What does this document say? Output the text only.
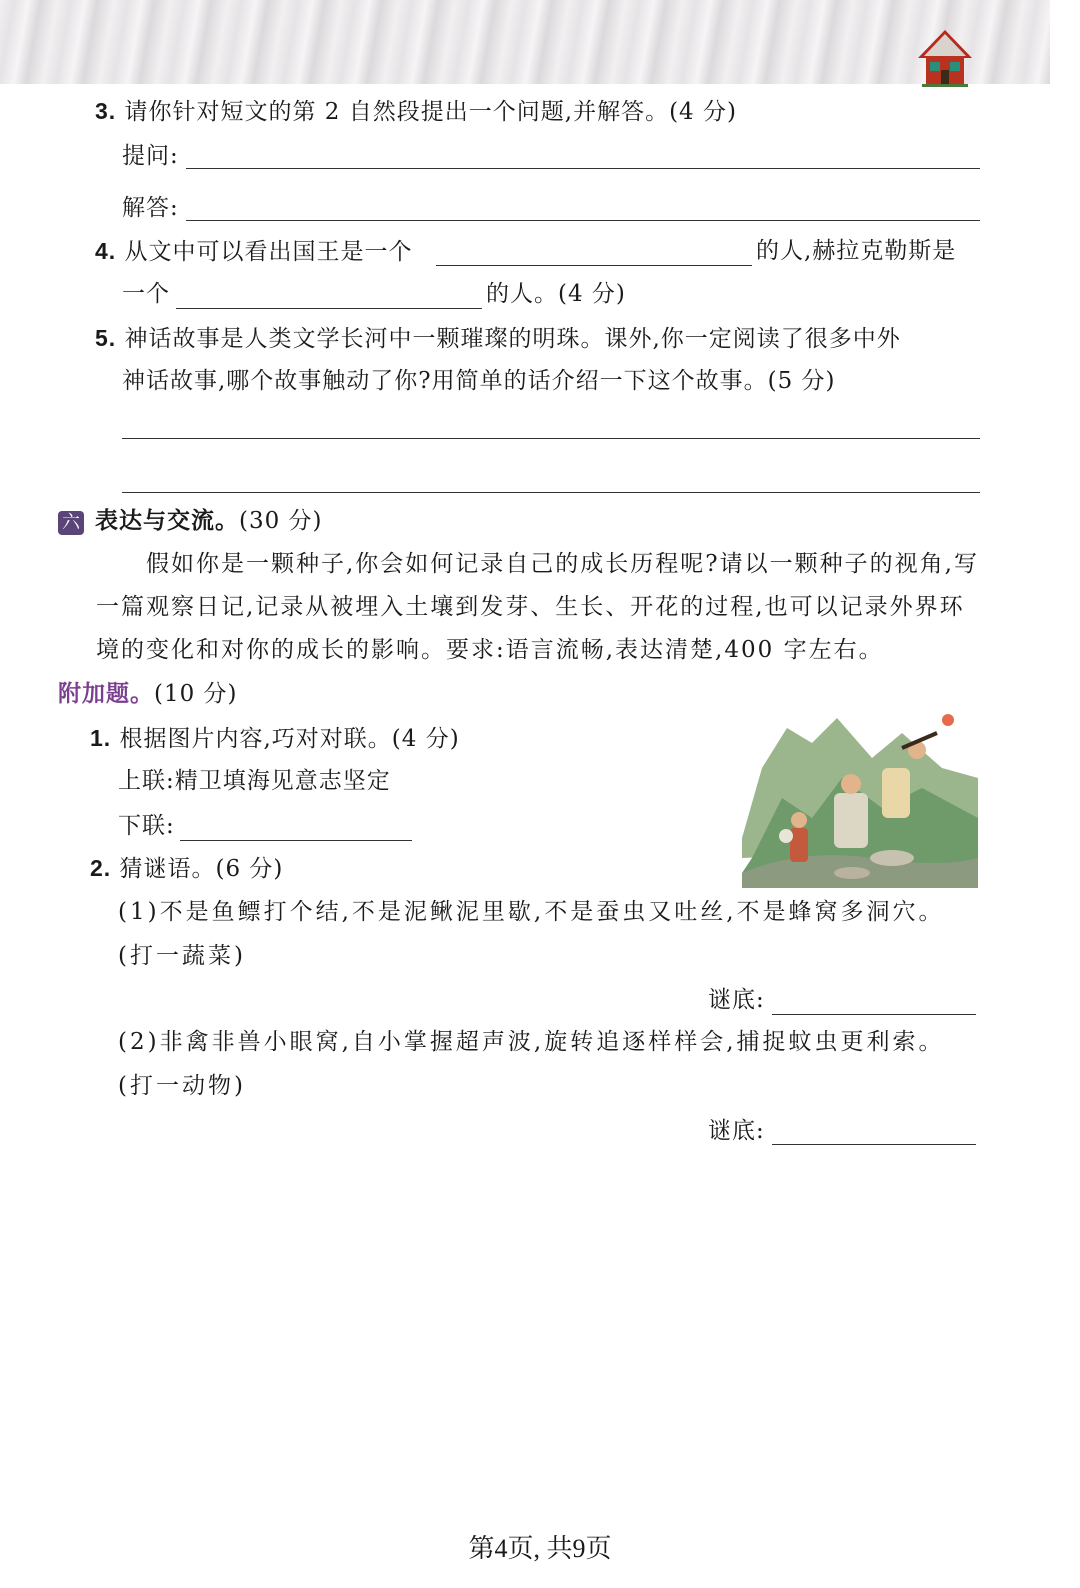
3. 请你针对短文的第 2 自然段提出一个问题,并解答。(4 分)
提问:
解答:
4. 从文中可以看出国王是一个	的人,赫拉克勒斯是
一个	的人。(4 分)
5. 神话故事是人类文学长河中一颗璀璨的明珠。课外,你一定阅读了很多中外
神话故事,哪个故事触动了你?用简单的话介绍一下这个故事。(5 分)
六 表达与交流。(30 分)
假如你是一颗种子,你会如何记录自己的成长历程呢?请以一颗种子的视角,写一篇观察日记,记录从被埋入土壤到发芽、生长、开花的过程,也可以记录外界环境的变化和对你的成长的影响。要求:语言流畅,表达清楚,400 字左右。
附加题。(10 分)
1. 根据图片内容,巧对对联。(4 分)
上联:精卫填海见意志坚定
下联:
2. 猜谜语。(6 分)
(1)不是鱼鳔打个结,不是泥鳅泥里歇,不是蚕虫又吐丝,不是蜂窝多洞穴。
(打一蔬菜)
谜底:
(2)非禽非兽小眼窝,自小掌握超声波,旋转追逐样样会,捕捉蚊虫更利索。
(打一动物)
谜底:
第4页, 共9页
